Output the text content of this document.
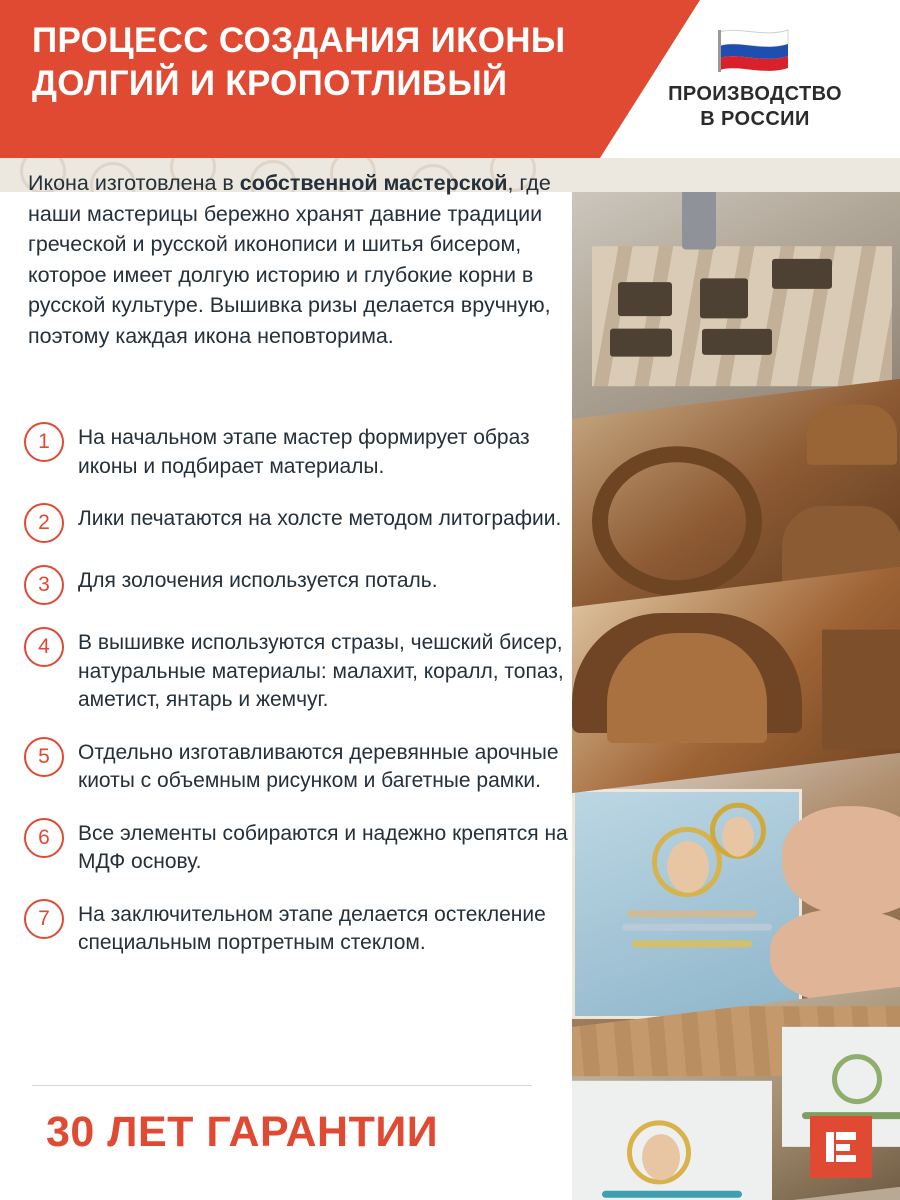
ПРОЦЕСС СОЗДАНИЯ ИКОНЫ
ДОЛГИЙ И КРОПОТЛИВЫЙ	ПРОИЗВОДСТВО
В РОССИИ

Икона изготовлена в собственной мастерской, где наши мастерицы бережно хранят давние традиции греческой и русской иконописи и шитья бисером, которое имеет долгую историю и глубокие корни в русской культуре. Вышивка ризы делается вручную, поэтому каждая икона неповторима.

1	На начальном этапе мастер формирует образ иконы и подбирает материалы.
2	Лики печатаются на холсте методом литографии.
3	Для золочения используется поталь.
4	В вышивке используются стразы, чешский бисер, натуральные материалы: малахит, коралл, топаз, аметист, янтарь и жемчуг.
5	Отдельно изготавливаются деревянные арочные киоты с объемным рисунком и багетные рамки.
6	Все элементы собираются и надежно крепятся на МДФ основу.
7	На заключительном этапе делается остекление специальным портретным стеклом.
30 ЛЕТ ГАРАНТИИ
